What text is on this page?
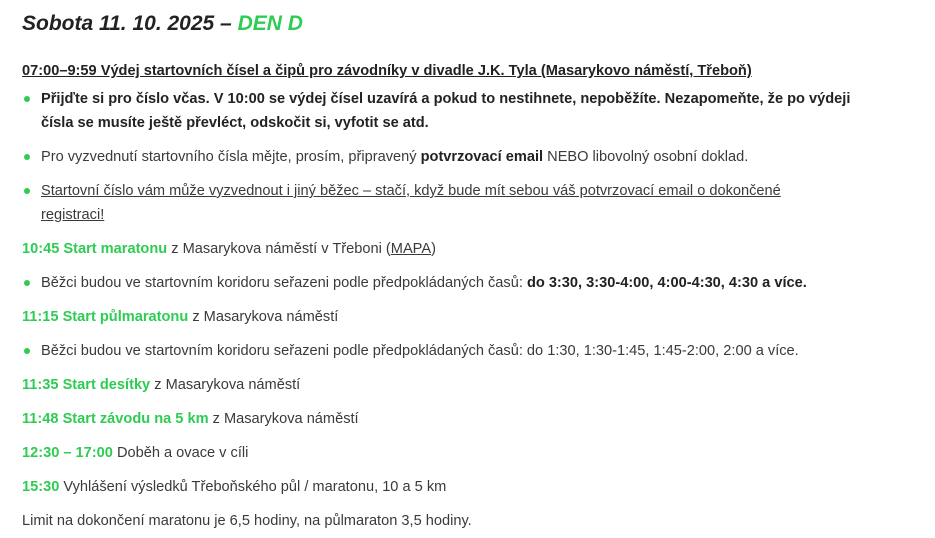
Sobota 11. 10. 2025 – DEN D
07:00–9:59 Výdej startovních čísel a čipů pro závodníky v divadle J.K. Tyla (Masarykovo náměstí, Třeboň)
Přijďte si pro číslo včas. V 10:00 se výdej čísel uzavírá a pokud to nestihnete, nepoběžíte. Nezapomeňte, že po výdeji
čísla se musíte ještě převléct, odskočit si, vyfotit se atd.
Pro vyzvednutí startovního čísla mějte, prosím, připravený potvrzovací email NEBO libovolný osobní doklad.
Startovní číslo vám může vyzvednout i jiný běžec – stačí, když bude mít sebou váš potvrzovací email o dokončené
registraci!
10:45 Start maratonu z Masarykova náměstí v Třeboni (MAPA)
Běžci budou ve startovním koridoru seřazeni podle předpokládaných časů: do 3:30, 3:30-4:00, 4:00-4:30, 4:30 a více.
11:15 Start půlmaratonu z Masarykova náměstí
Běžci budou ve startovním koridoru seřazeni podle předpokládaných časů: do 1:30, 1:30-1:45, 1:45-2:00, 2:00 a více.
11:35 Start desítky z Masarykova náměstí
11:48 Start závodu na 5 km z Masarykova náměstí
12:30 – 17:00 Doběh a ovace v cíli
15:30 Vyhlášení výsledků Třeboňského půl / maratonu, 10 a 5 km
Limit na dokončení maratonu je 6,5 hodiny, na půlmaraton 3,5 hodiny.
